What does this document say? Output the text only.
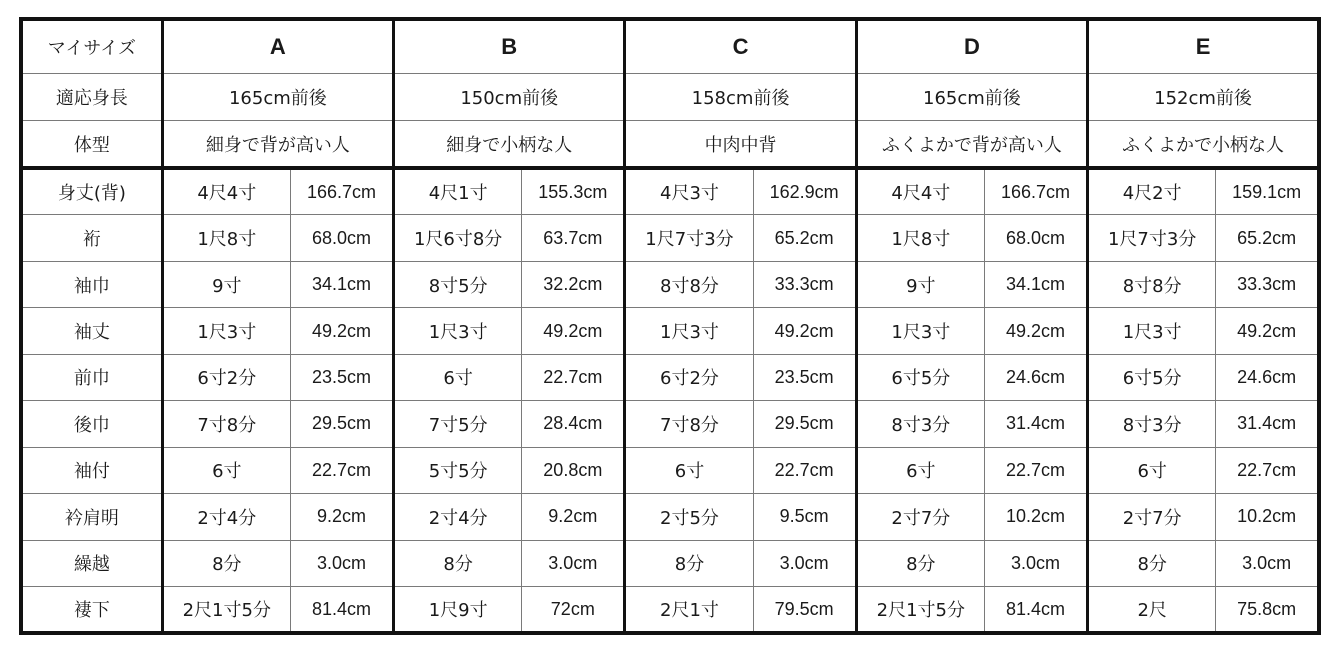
マイサイズ	A		B		C		D		E	
適応身長	165cm前後		150cm前後		158cm前後		165cm前後		152cm前後	
体型	細身で背が高い人		細身で小柄な人		中肉中背		ふくよかで背が高い人		ふくよかで小柄な人	
身丈(背)	4尺4寸	166.7cm	4尺1寸	155.3cm	4尺3寸	162.9cm	4尺4寸	166.7cm	4尺2寸	159.1cm
裄	1尺8寸	68.0cm	1尺6寸8分	63.7cm	1尺7寸3分	65.2cm	1尺8寸	68.0cm	1尺7寸3分	65.2cm
袖巾	9寸	34.1cm	8寸5分	32.2cm	8寸8分	33.3cm	9寸	34.1cm	8寸8分	33.3cm
袖丈	1尺3寸	49.2cm	1尺3寸	49.2cm	1尺3寸	49.2cm	1尺3寸	49.2cm	1尺3寸	49.2cm
前巾	6寸2分	23.5cm	6寸	22.7cm	6寸2分	23.5cm	6寸5分	24.6cm	6寸5分	24.6cm
後巾	7寸8分	29.5cm	7寸5分	28.4cm	7寸8分	29.5cm	8寸3分	31.4cm	8寸3分	31.4cm
袖付	6寸	22.7cm	5寸5分	20.8cm	6寸	22.7cm	6寸	22.7cm	6寸	22.7cm
衿肩明	2寸4分	9.2cm	2寸4分	9.2cm	2寸5分	9.5cm	2寸7分	10.2cm	2寸7分	10.2cm
繰越	8分	3.0cm	8分	3.0cm	8分	3.0cm	8分	3.0cm	8分	3.0cm
褄下	2尺1寸5分	81.4cm	1尺9寸	72cm	2尺1寸	79.5cm	2尺1寸5分	81.4cm	2尺	75.8cm
